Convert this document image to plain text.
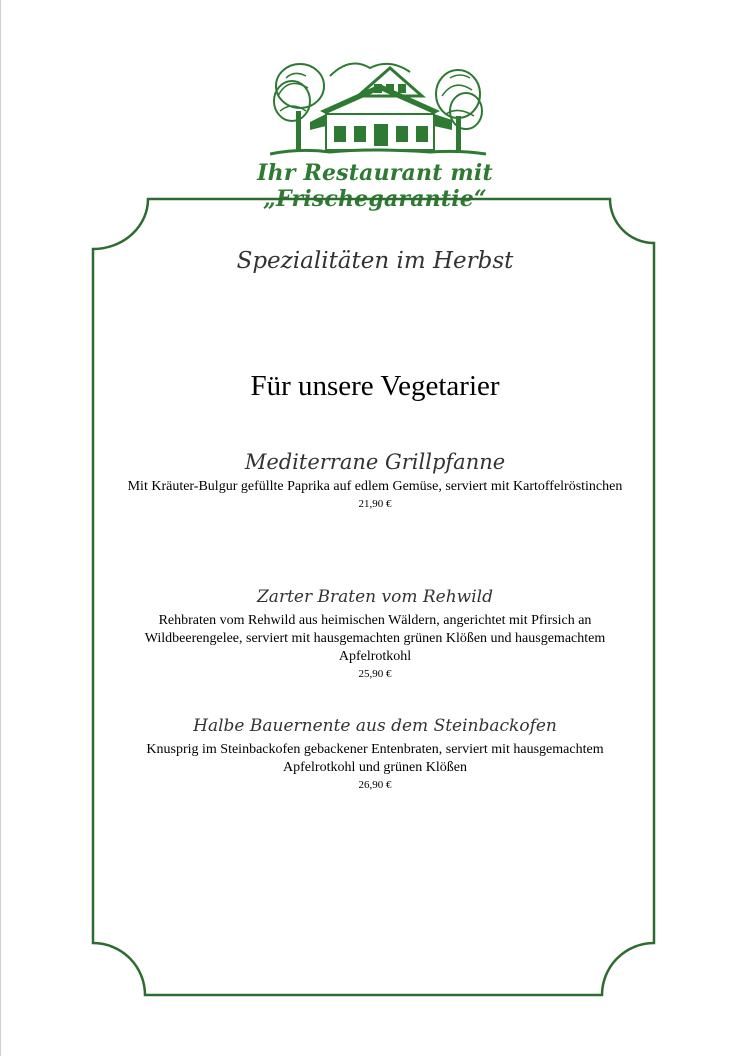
Ihr Restaurant mit „Frischegarantie“
Spezialitäten im Herbst
Für unsere Vegetarier
Mediterrane Grillpfanne
Mit Kräuter-Bulgur gefüllte Paprika auf edlem Gemüse, serviert mit Kartoffelröstinchen
21,90 €
Zarter Braten vom Rehwild
Rehbraten vom Rehwild aus heimischen Wäldern, angerichtet mit Pfirsich an Wildbeerengelee, serviert mit hausgemachten grünen Klößen und hausgemachtem Apfelrotkohl
25,90 €
Halbe Bauernente aus dem Steinbackofen
Knusprig im Steinbackofen gebackener Entenbraten, serviert mit hausgemachtem Apfelrotkohl und grünen Klößen
26,90 €
